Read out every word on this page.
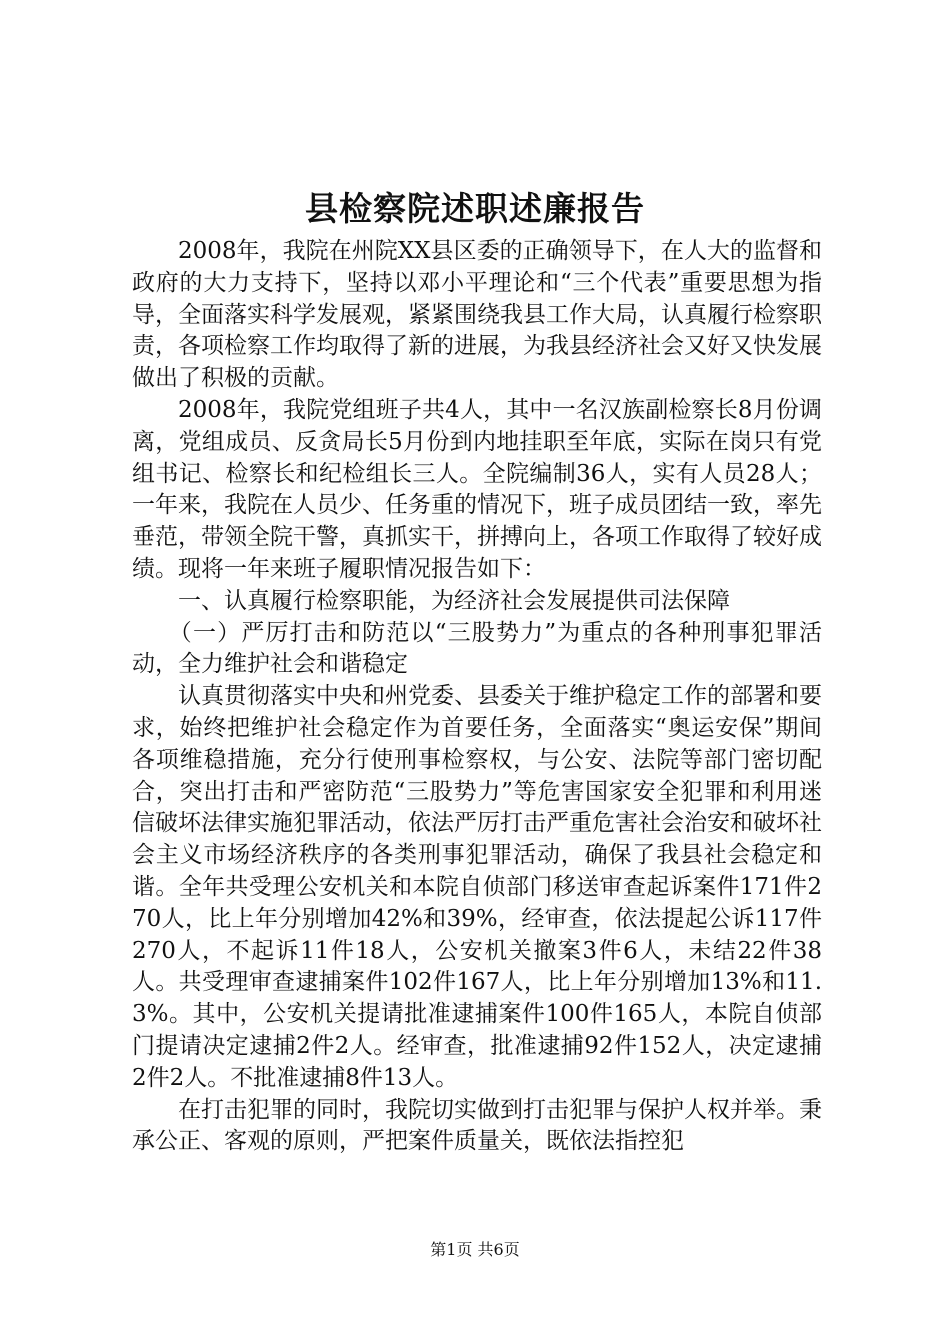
县检察院述职述廉报告

2008年，我院在州院XX县区委的正确领导下，在人大的监督和政府的大力支持下，坚持以邓小平理论和“三个代表”重要思想为指导，全面落实科学发展观，紧紧围绕我县工作大局，认真履行检察职责，各项检察工作均取得了新的进展，为我县经济社会又好又快发展做出了积极的贡献。

2008年，我院党组班子共4人，其中一名汉族副检察长8月份调离，党组成员、反贪局长5月份到内地挂职至年底，实际在岗只有党组书记、检察长和纪检组长三人。全院编制36人，实有人员28人；一年来，我院在人员少、任务重的情况下，班子成员团结一致，率先垂范，带领全院干警，真抓实干，拼搏向上，各项工作取得了较好成绩。现将一年来班子履职情况报告如下：

一、认真履行检察职能，为经济社会发展提供司法保障

（一）严厉打击和防范以“三股势力”为重点的各种刑事犯罪活动，全力维护社会和谐稳定

认真贯彻落实中央和州党委、县委关于维护稳定工作的部署和要求，始终把维护社会稳定作为首要任务，全面落实“奥运安保”期间各项维稳措施，充分行使刑事检察权，与公安、法院等部门密切配合，突出打击和严密防范“三股势力”等危害国家安全犯罪和利用迷信破坏法律实施犯罪活动，依法严厉打击严重危害社会治安和破坏社会主义市场经济秩序的各类刑事犯罪活动，确保了我县社会稳定和谐。全年共受理公安机关和本院自侦部门移送审查起诉案件171件270人，比上年分别增加42%和39%，经审查，依法提起公诉117件270人，不起诉11件18人，公安机关撤案3件6人，未结22件38人。共受理审查逮捕案件102件167人，比上年分别增加13%和11.3%。其中，公安机关提请批准逮捕案件100件165人，本院自侦部门提请决定逮捕2件2人。经审查，批准逮捕92件152人，决定逮捕2件2人。不批准逮捕8件13人。

在打击犯罪的同时，我院切实做到打击犯罪与保护人权并举。秉承公正、客观的原则，严把案件质量关，既依法指控犯

第1页 共6页
